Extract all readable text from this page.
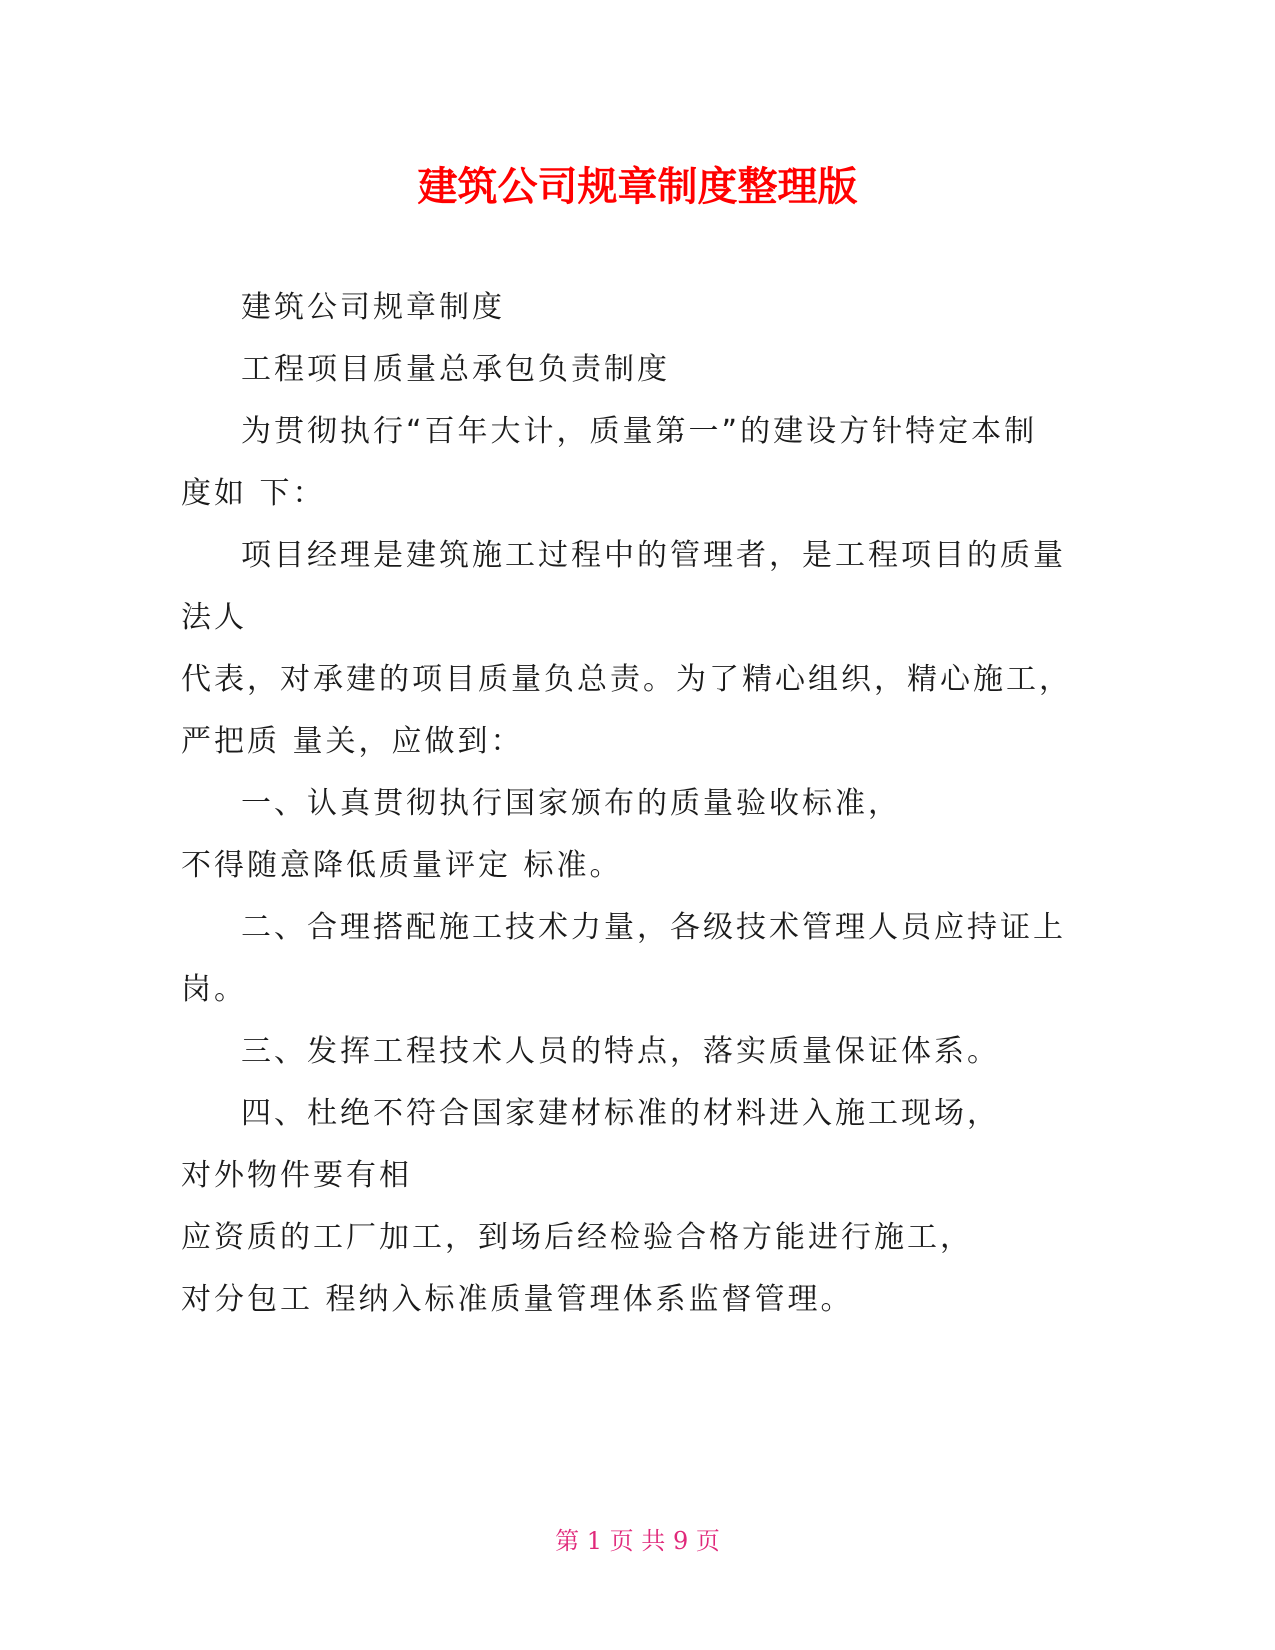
建筑公司规章制度整理版
建筑公司规章制度
工程项目质量总承包负责制度
为贯彻执行“百年大计，质量第一”的建设方针特定本制
度如 下：
项目经理是建筑施工过程中的管理者，是工程项目的质量
法人
代表，对承建的项目质量负总责。为了精心组织，精心施工，
严把质 量关，应做到：
一、认真贯彻执行国家颁布的质量验收标准，
不得随意降低质量评定 标准。
二、合理搭配施工技术力量，各级技术管理人员应持证上
岗。
三、发挥工程技术人员的特点，落实质量保证体系。
四、杜绝不符合国家建材标准的材料进入施工现场，
对外物件要有相
应资质的工厂加工，到场后经检验合格方能进行施工，
对分包工 程纳入标准质量管理体系监督管理。
第 1 页 共 9 页
